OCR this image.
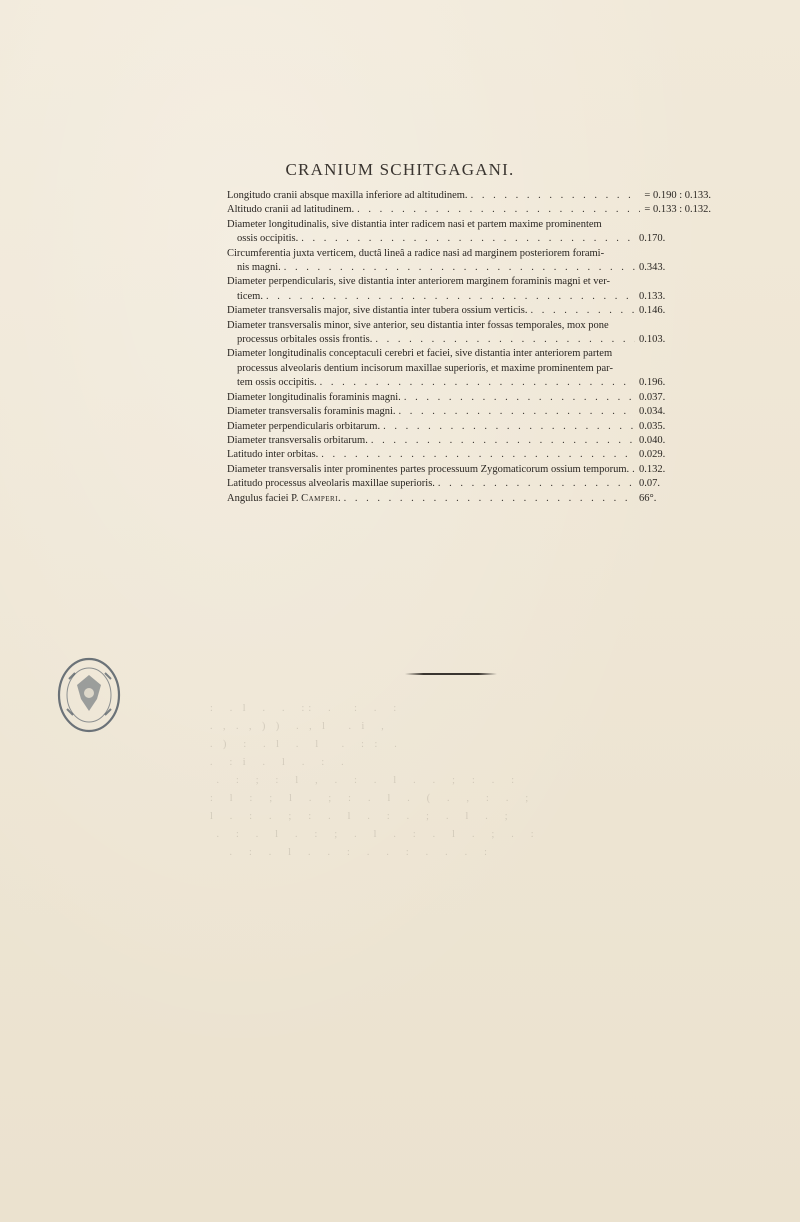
CRANIUM SCHITGAGANI.
Longitudo cranii absque maxilla inferiore ad altitudinem. . . .	= 0.190 : 0.133.
Altitudo cranii ad latitudinem. . . .	= 0.133 : 0.132.
Diameter longitudinalis, sive distantia inter radicem nasi et partem maxime prominentem
ossis occipitis. . . .	0.170.
Circumferentia juxta verticem, ductâ lineâ a radice nasi ad marginem posteriorem forami-
nis magni. . . .	0.343.
Diameter perpendicularis, sive distantia inter anteriorem marginem foraminis magni et ver-
ticem. . . .	0.133.
Diameter transversalis major, sive distantia inter tubera ossium verticis. . . .	0.146.
Diameter transversalis minor, sive anterior, seu distantia inter fossas temporales, mox pone
processus orbitales ossis frontis. . . .	0.103.
Diameter longitudinalis conceptaculi cerebri et faciei, sive distantia inter anteriorem partem
processus alveolaris dentium incisorum maxillae superioris, et maxime prominentem par-
tem ossis occipitis. . . .	0.196.
Diameter longitudinalis foraminis magni. . . .	0.037.
Diameter transversalis foraminis magni. . . .	0.034.
Diameter perpendicularis orbitarum. . . .	0.035.
Diameter transversalis orbitarum. . . .	0.040.
Latitudo inter orbitas. . . .	0.029.
Diameter transversalis inter prominentes partes processuum Zygomaticorum ossium temporum. . . . 0.132.
Latitudo processus alveolaris maxillae superioris. . . .	0.07.
Angulus faciei P. Camperi. . . .	66°.
:  . l  .  .  ::  .   :  .  :
. , . , ) )  . , l   . i  ,
. )  :  . l  .  l   .  : :  .
.  : i  .  l  .  :  .
.  :  ;  :  l  ,  .  :  .  l  .  .  ;  :  .  :
:  l  :  ;  l  .  ;  :  .  l  .  (  .  ,  :  .  ;
l  .  :  .  ;  :  .  l  .  :  .  ;  .  l  .  ;
.  :  .  l  .  :  ;  .  l  .  :  .  l  .  ;  .  :
.  :  .  l  .  .  :  .  .  :  .  .  .  :
